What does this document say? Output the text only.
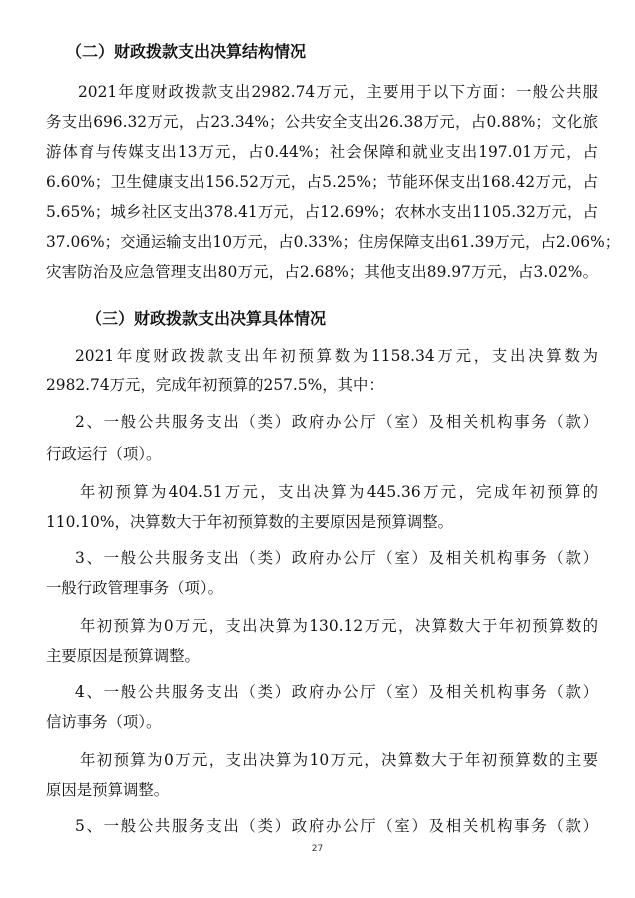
（二）财政拨款支出决算结构情况
2021年度财政拨款支出2982.74万元，主要用于以下方面：一般公共服
务支出696.32万元，占23.34%；公共安全支出26.38万元，占0.88%；文化旅
游体育与传媒支出13万元，占0.44%；社会保障和就业支出197.01万元，占
6.60%；卫生健康支出156.52万元，占5.25%；节能环保支出168.42万元，占
5.65%；城乡社区支出378.41万元，占12.69%；农林水支出1105.32万元，占
37.06%；交通运输支出10万元，占0.33%；住房保障支出61.39万元，占2.06%；
灾害防治及应急管理支出80万元，占2.68%；其他支出89.97万元，占3.02%。
（三）财政拨款支出决算具体情况
2021年度财政拨款支出年初预算数为1158.34万元，支出决算数为
2982.74万元，完成年初预算的257.5%，其中：
2、一般公共服务支出（类）政府办公厅（室）及相关机构事务（款）
行政运行（项）。
年初预算为404.51万元，支出决算为445.36万元，完成年初预算的
110.10%，决算数大于年初预算数的主要原因是预算调整。
3、一般公共服务支出（类）政府办公厅（室）及相关机构事务（款）
一般行政管理事务（项）。
年初预算为0万元，支出决算为130.12万元，决算数大于年初预算数的
主要原因是预算调整。
4、一般公共服务支出（类）政府办公厅（室）及相关机构事务（款）
信访事务（项）。
年初预算为0万元，支出决算为10万元，决算数大于年初预算数的主要
原因是预算调整。
5、一般公共服务支出（类）政府办公厅（室）及相关机构事务（款）
27
